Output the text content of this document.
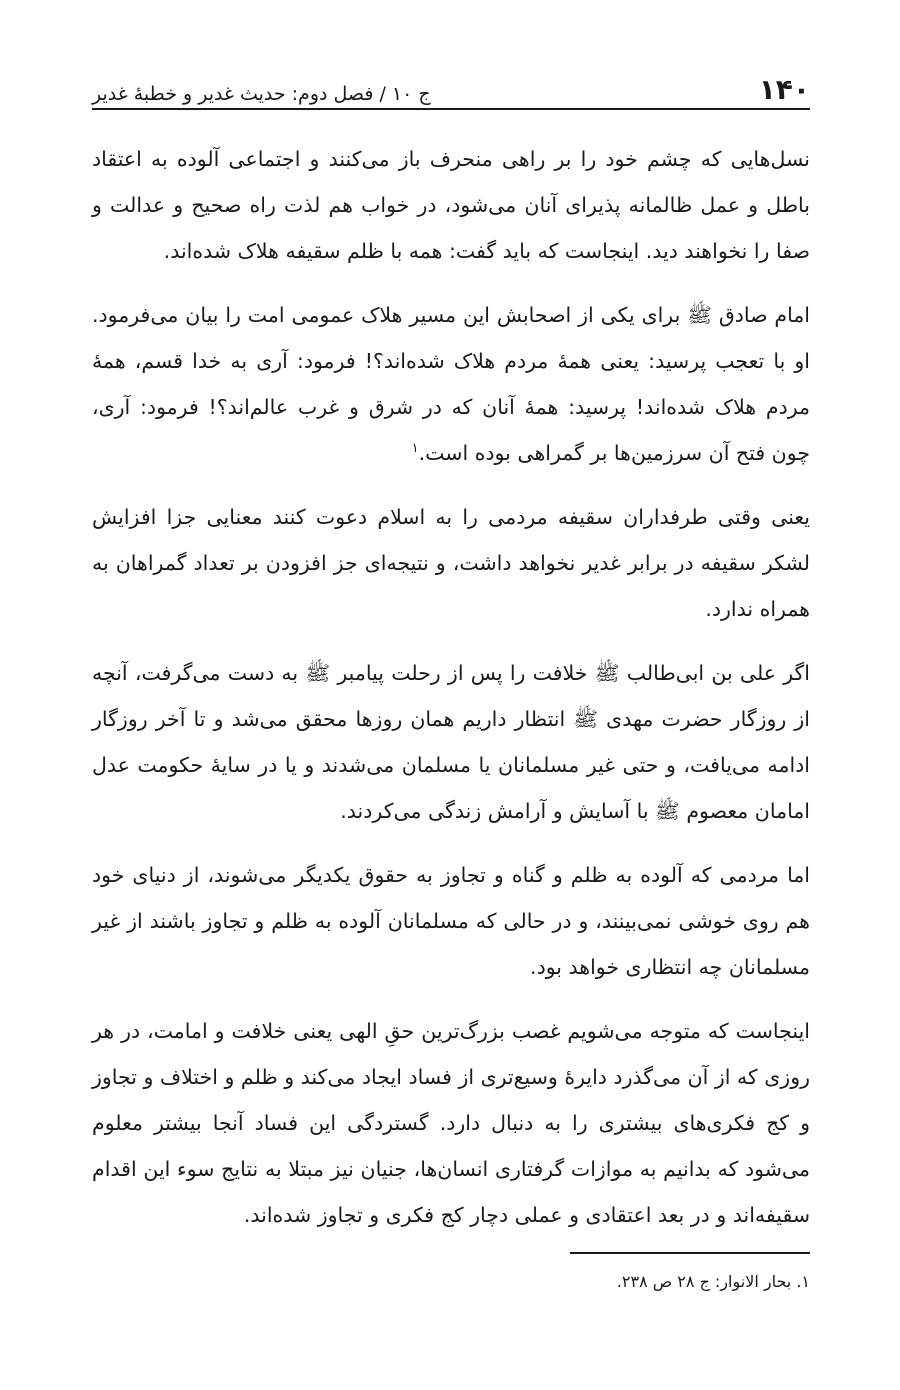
۱۴۰
ج ۱۰ / فصل دوم: حدیث غدیر و خطبهٔ غدیر

نسل‌هایی که چشم خود را بر راهی منحرف باز می‌کنند و اجتماعی آلوده به اعتقاد باطل و عمل ظالمانه پذیرای آنان می‌شود، در خواب هم لذت راه صحیح و عدالت و صفا را نخواهند دید. اینجاست که باید گفت: همه با ظلم سقیفه هلاک شده‌اند.

امام صادق ﷺ برای یکی از اصحابش این مسیر هلاک عمومی امت را بیان می‌فرمود. او با تعجب پرسید: یعنی همهٔ مردم هلاک شده‌اند؟! فرمود: آری به خدا قسم، همهٔ مردم هلاک شده‌اند! پرسید: همهٔ آنان که در شرق و غرب عالم‌اند؟! فرمود: آری، چون فتح آن سرزمین‌ها بر گمراهی بوده است.$^۱$

یعنی وقتی طرفداران سقیفه مردمی را به اسلام دعوت کنند معنایی جزا افزایش لشکر سقیفه در برابر غدیر نخواهد داشت، و نتیجه‌ای جز افزودن بر تعداد گمراهان به همراه ندارد.

اگر علی بن ابی‌طالب ﷺ خلافت را پس از رحلت پیامبر ﷺ به دست می‌گرفت، آنچه از روزگار حضرت مهدی ﷺ انتظار داریم همان روزها محقق می‌شد و تا آخر روزگار ادامه می‌یافت، و حتی غیر مسلمانان یا مسلمان می‌شدند و یا در سایهٔ حکومت عدل امامان معصوم ﷺ با آسایش و آرامش زندگی می‌کردند.

اما مردمی که آلوده به ظلم و گناه و تجاوز به حقوق یکدیگر می‌شوند، از دنیای خود هم روی خوشی نمی‌بینند، و در حالی که مسلمانان آلوده به ظلم و تجاوز باشند از غیر مسلمانان چه انتظاری خواهد بود.

اینجاست که متوجه می‌شویم غصب بزرگ‌ترین حقِ الهی یعنی خلافت و امامت، در هر روزی که از آن می‌گذرد دایرهٔ وسیع‌تری از فساد ایجاد می‌کند و ظلم و اختلاف و تجاوز و کج فکری‌های بیشتری را به دنبال دارد. گستردگی این فساد آنجا بیشتر معلوم می‌شود که بدانیم به موازات گرفتاری انسان‌ها، جنیان نیز مبتلا به نتایج سوء این اقدام سقیفه‌اند و در بعد اعتقادی و عملی دچار کج فکری و تجاوز شده‌اند.

۱. بحار الانوار: ج ۲۸ ص ۲۳۸.
